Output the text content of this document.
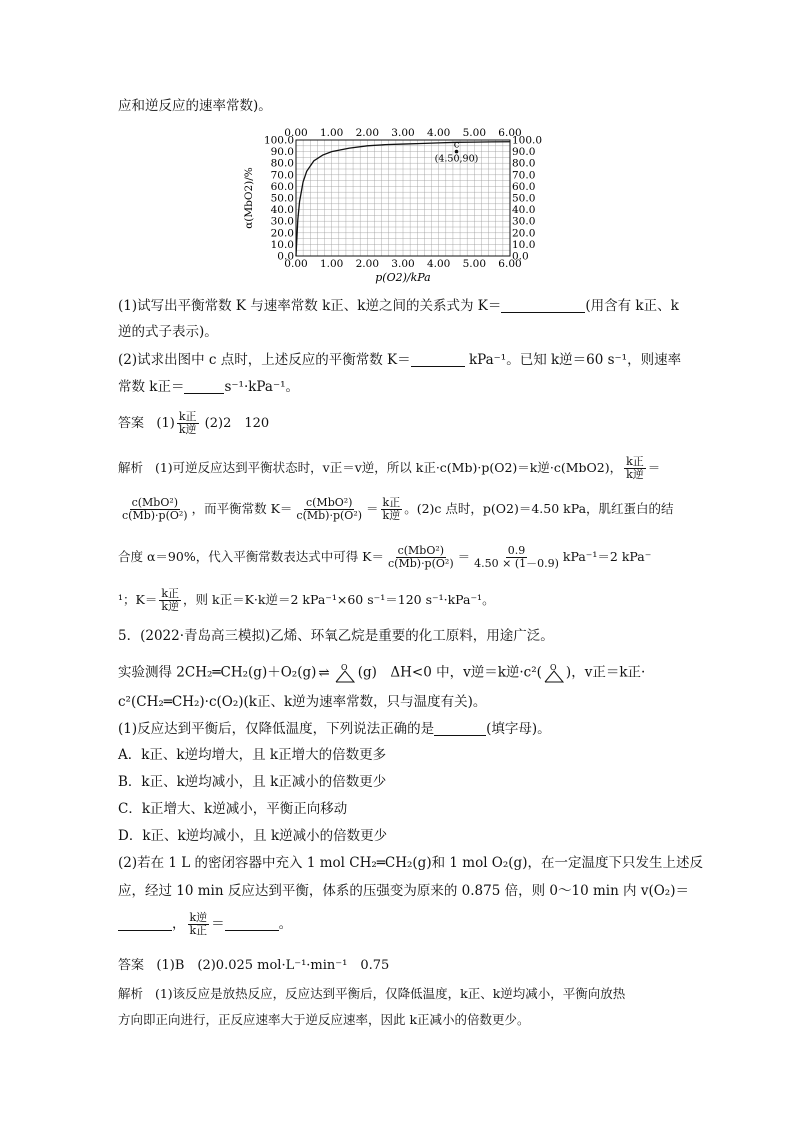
应和逆反应的速率常数)。
0.00
0.00
1.00
1.00
2.00
2.00
3.00
3.00
4.00
4.00
5.00
5.00
6.00
6.00
0.0	0.0
10.0	10.0
20.0	20.0
30.0	30.0
40.0	40.0
50.0	50.0
60.0	60.0
70.0	70.0
80.0	80.0
90.0	90.0
100.0	100.0
p(O2)/kPa
α(MbO2)/%
c
(4.50,90)
(1)试写出平衡常数 K 与速率常数 k正、k逆之间的关系式为 K＝	(用含有 k正、k
逆的式子表示)。
(2)试求出图中 c 点时，上述反应的平衡常数 K＝	kPa⁻¹。已知 k逆＝60 s⁻¹，则速率
常数 k正＝	s⁻¹·kPa⁻¹。
答案 $(1) \frac{\text{k正}}{\text{k逆}} (2)2$　120
解析 (1)可逆反应达到平衡状态时，v正＝v逆，所以 k正·c(Mb)·p(O2)＝k逆·c(MbO2)， $\frac{\text{k正}}{\text{k逆}}$ ＝
$\frac{\text{c(MbO²)}}{\text{c(Mb)·p(O²)}}$ ，而平衡常数 $K= \frac{\text{c(MbO²)}}{\text{c(Mb)·p(O²)}} = \frac{\text{k正}}{\text{k逆}}$ 。(2)c 点时，p(O2)＝4.50 kPa，肌红蛋白的结
合度 α＝90%，代入平衡常数表达式中可得 $K= \frac{\text{c(MbO²)}}{\text{c(Mb)·p(O²)}} = \frac{0.9}{4.50 \times (1-0.9)} kPa^{-1}=2$ kPa⁻
¹；$K= \frac{\text{k正}}{\text{k逆}}$ ，则 k正＝K·k逆＝2 kPa⁻¹×60 s⁻¹＝120 s⁻¹·kPa⁻¹。
5．(2022·青岛高三模拟)乙烯、环氧乙烷是重要的化工原料，用途广泛。
实验测得 2CH₂═CH₂(g)＋O₂(g) ⇌ O (g)　ΔH<0 中，v逆＝k逆·c²( O )，v正＝k正·
c²(CH₂═CH₂)·c(O₂)(k正、k逆为速率常数，只与温度有关)。
(1)反应达到平衡后，仅降低温度，下列说法正确的是	(填字母)。
A．k正、k逆均增大，且 k正增大的倍数更多
B．k正、k逆均减小，且 k正减小的倍数更少
C．k正增大、k逆减小，平衡正向移动
D．k正、k逆均减小，且 k逆减小的倍数更少
(2)若在 1 L 的密闭容器中充入 1 mol CH₂═CH₂(g)和 1 mol O₂(g)，在一定温度下只发生上述反
应，经过 10 min 反应达到平衡，体系的压强变为原来的 0.875 倍，则 0～10 min 内 v(O₂)＝
， $\frac{\text{k逆}}{\text{k正}}$ ＝	。
答案 (1)B　(2)0.025 mol·L⁻¹·min⁻¹　0.75
解析 (1)该反应是放热反应，反应达到平衡后，仅降低温度，k正、k逆均减小，平衡向放热
方向即正向进行，正反应速率大于逆反应速率，因此 k正减小的倍数更少。
